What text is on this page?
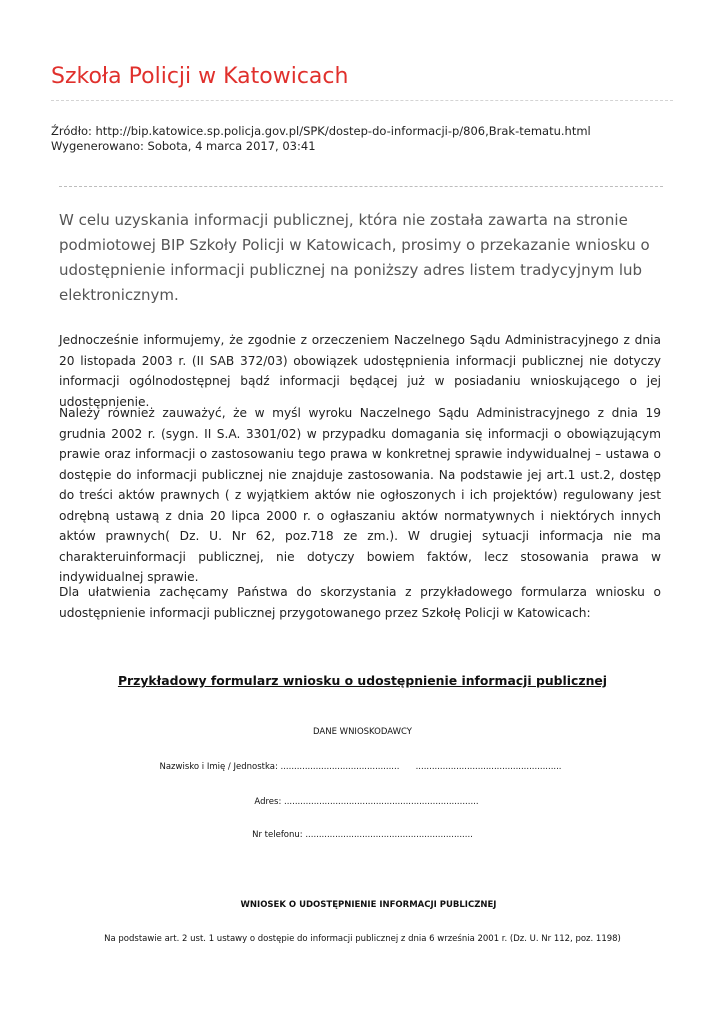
Szkoła Policji w Katowicach
Źródło: http://bip.katowice.sp.policja.gov.pl/SPK/dostep-do-informacji-p/806,Brak-tematu.html
Wygenerowano: Sobota, 4 marca 2017, 03:41
W celu uzyskania informacji publicznej, która nie została zawarta na stronie podmiotowej BIP Szkoły Policji w Katowicach, prosimy o przekazanie wniosku o udostępnienie informacji publicznej na poniższy adres listem tradycyjnym lub elektronicznym.
Jednocześnie informujemy, że zgodnie z orzeczeniem Naczelnego Sądu Administracyjnego z dnia 20 listopada 2003 r. (II SAB 372/03) obowiązek udostępnienia informacji publicznej nie dotyczy informacji ogólnodostępnej bądź informacji będącej już w posiadaniu wnioskującego o jej udostępnienie.
Należy również zauważyć, że w myśl wyroku Naczelnego Sądu Administracyjnego z dnia 19 grudnia 2002 r. (sygn. II S.A. 3301/02) w przypadku domagania się informacji o obowiązującym prawie oraz informacji o zastosowaniu tego prawa w konkretnej sprawie indywidualnej – ustawa o dostępie do informacji publicznej nie znajduje zastosowania. Na podstawie jej art.1 ust.2, dostęp do treści aktów prawnych ( z wyjątkiem aktów nie ogłoszonych i ich projektów) regulowany jest odrębną ustawą z dnia 20 lipca 2000 r. o ogłaszaniu aktów normatywnych i niektórych innych aktów prawnych( Dz. U. Nr 62, poz.718 ze zm.). W drugiej sytuacji informacja nie ma charakteruinformacji publicznej, nie dotyczy bowiem faktów, lecz stosowania prawa w indywidualnej sprawie.
Dla ułatwienia zachęcamy Państwa do skorzystania z przykładowego formularza wniosku o udostępnienie informacji publicznej przygotowanego przez Szkołę Policji w Katowicach:
Przykładowy formularz wniosku o udostępnienie informacji publicznej
DANE WNIOSKODAWCY
Nazwisko i Imię / Jednostka: ............................................      ......................................................
Adres: ........................................................................
Nr telefonu: ..............................................................
WNIOSEK O UDOSTĘPNIENIE INFORMACJI PUBLICZNEJ
Na podstawie art. 2 ust. 1 ustawy o dostępie do informacji publicznej z dnia 6 września 2001 r. (Dz. U. Nr 112, poz. 1198)
